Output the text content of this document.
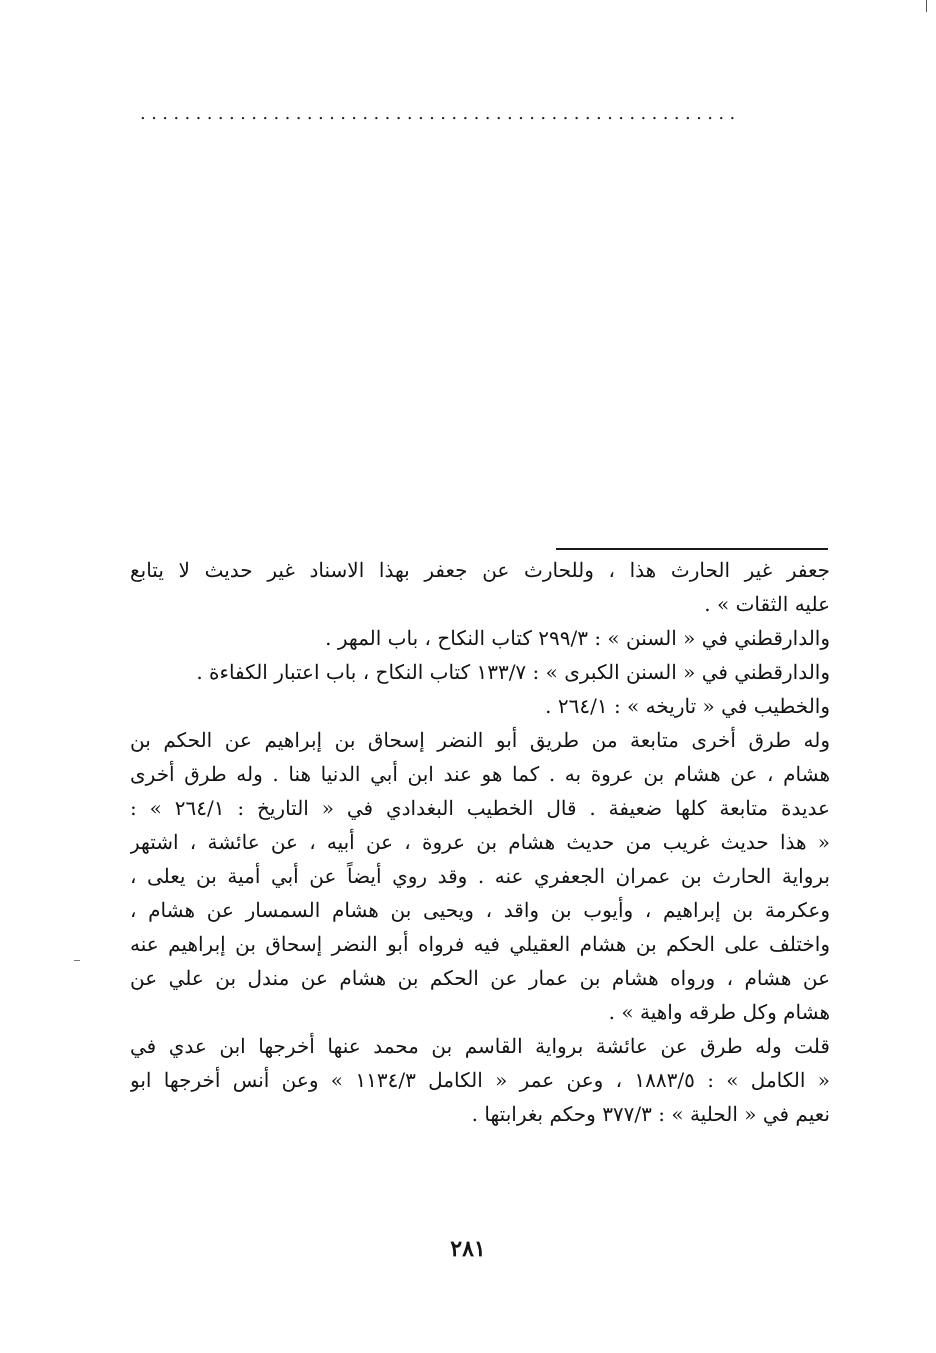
......................................................
جعفر غير الحارث هذا ، وللحارث عن جعفر بهذا الاسناد غير حديث لا يتابع
عليه الثقات » .
والدارقطني في « السنن » : ٢٩٩/٣ كتاب النكاح ، باب المهر .
والدارقطني في « السنن الكبرى » : ١٣٣/٧ كتاب النكاح ، باب اعتبار الكفاءة .
والخطيب في « تاريخه » : ٢٦٤/١ .
وله طرق أخرى متابعة من طريق أبو النضر إسحاق بن إبراهيم عن الحكم بن
هشام ، عن هشام بن عروة به . كما هو عند ابن أبي الدنيا هنا . وله طرق أخرى
عديدة متابعة كلها ضعيفة . قال الخطيب البغدادي في « التاريخ : ٢٦٤/١ » :
« هذا حديث غريب من حديث هشام بن عروة ، عن أبيه ، عن عائشة ، اشتهر
برواية الحارث بن عمران الجعفري عنه . وقد روي أيضاً عن أبي أمية بن يعلى ،
وعكرمة بن إبراهيم ، وأيوب بن واقد ، ويحيى بن هشام السمسار عن هشام ،
واختلف على الحكم بن هشام العقيلي فيه فرواه أبو النضر إسحاق بن إبراهيم عنه
عن هشام ، ورواه هشام بن عمار عن الحكم بن هشام عن مندل بن علي عن
هشام وكل طرقه واهية » .
قلت وله طرق عن عائشة برواية القاسم بن محمد عنها أخرجها ابن عدي في
« الكامل » : ١٨٨٣/٥ ، وعن عمر « الكامل ١١٣٤/٣ » وعن أنس أخرجها ابو
نعيم في « الحلية » : ٣٧٧/٣ وحكم بغرابتها .
٢٨١
